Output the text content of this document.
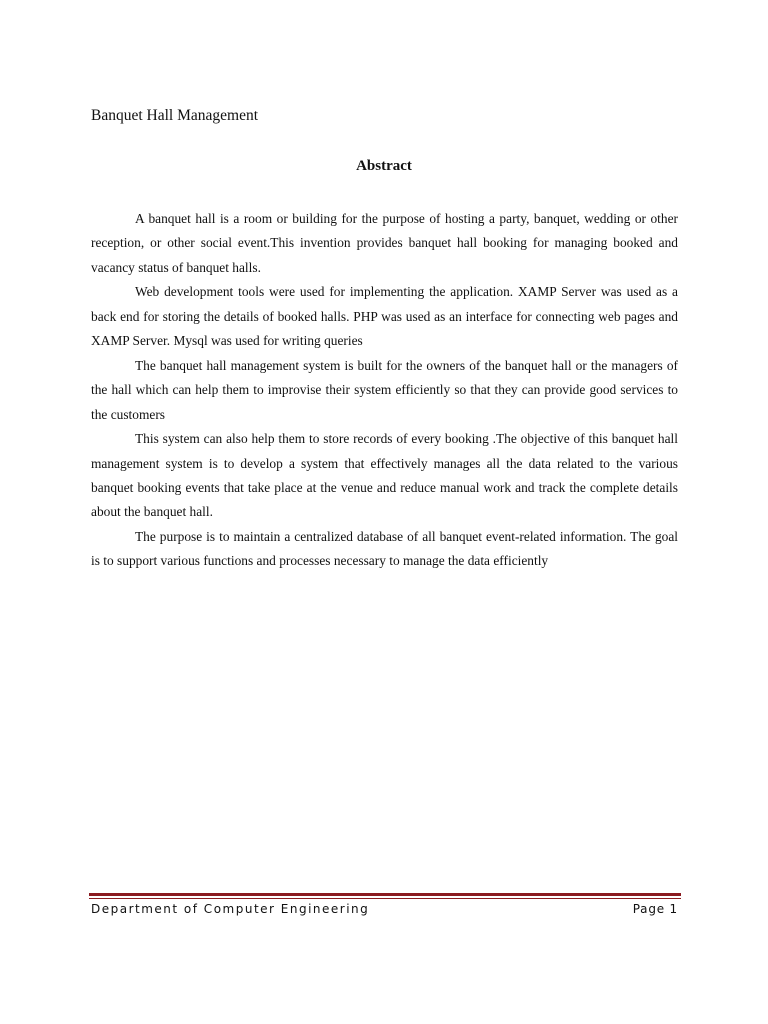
Banquet Hall Management
Abstract

A banquet hall is a room or building for the purpose of hosting a party, banquet, wedding or other reception, or other social event.This invention provides banquet hall booking for managing booked and vacancy status of banquet halls.

Web development tools were used for implementing the application. XAMP Server was used as a back end for storing the details of booked halls. PHP was used as an interface for connecting web pages and XAMP Server. Mysql was used for writing queries

The banquet hall management system is built for the owners of the banquet hall or the managers of the hall which can help them to improvise their system efficiently so that they can provide good services to the customers

This system can also help them to store records of every booking .The objective of this banquet hall management system is to develop a system that effectively manages all the data related to the various banquet booking events that take place at the venue and reduce manual work and track the complete details about the banquet hall.

The purpose is to maintain a centralized database of all banquet event-related information. The goal is to support various functions and processes necessary to manage the data efficiently

Department of Computer Engineering	Page 1
